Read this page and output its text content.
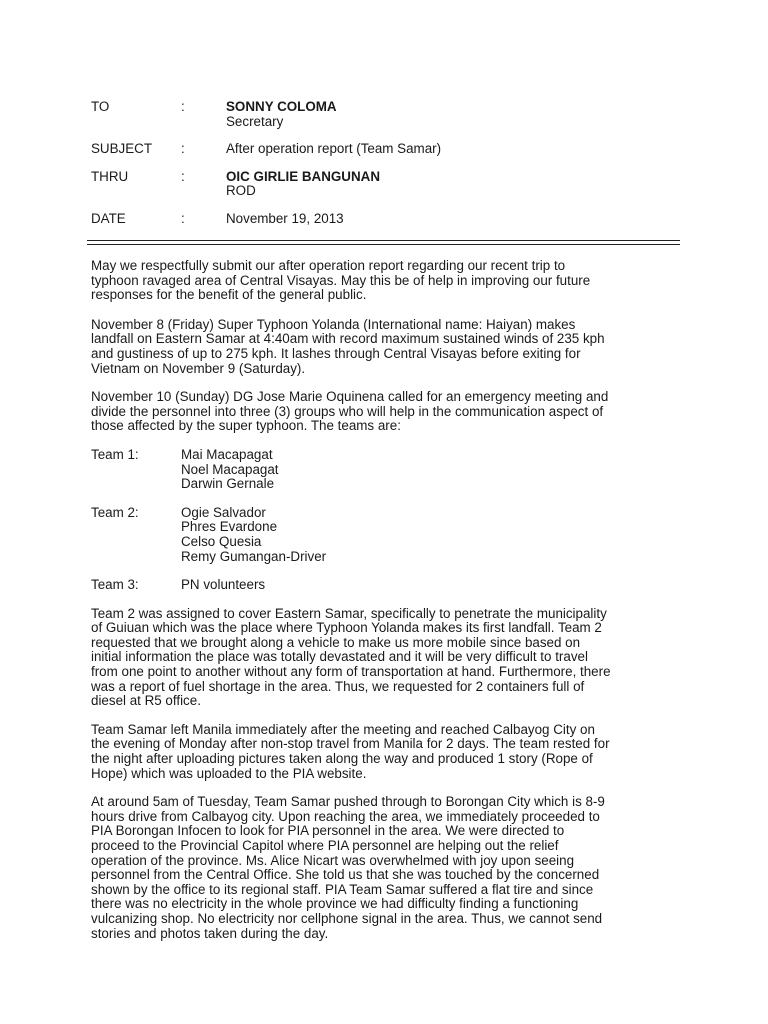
TO	:	SONNY COLOMA
Secretary
SUBJECT	:	After operation report (Team Samar)
THRU	:	OIC GIRLIE BANGUNAN
ROD
DATE	:	November 19, 2013

May we respectfully submit our after operation report regarding our recent trip to
typhoon ravaged area of Central Visayas. May this be of help in improving our future
responses for the benefit of the general public.

November 8 (Friday) Super Typhoon Yolanda (International name: Haiyan) makes
landfall on Eastern Samar at 4:40am with record maximum sustained winds of 235 kph
and gustiness of up to 275 kph. It lashes through Central Visayas before exiting for
Vietnam on November 9 (Saturday).

November 10 (Sunday) DG Jose Marie Oquinena called for an emergency meeting and
divide the personnel into three (3) groups who will help in the communication aspect of
those affected by the super typhoon. The teams are:

Team 1:	Mai Macapagat
Noel Macapagat
Darwin Gernale
Team 2:	Ogie Salvador
Phres Evardone
Celso Quesia
Remy Gumangan-Driver
Team 3:	PN volunteers

Team 2 was assigned to cover Eastern Samar, specifically to penetrate the municipality
of Guiuan which was the place where Typhoon Yolanda makes its first landfall. Team 2
requested that we brought along a vehicle to make us more mobile since based on
initial information the place was totally devastated and it will be very difficult to travel
from one point to another without any form of transportation at hand. Furthermore, there
was a report of fuel shortage in the area. Thus, we requested for 2 containers full of
diesel at R5 office.

Team Samar left Manila immediately after the meeting and reached Calbayog City on
the evening of Monday after non-stop travel from Manila for 2 days. The team rested for
the night after uploading pictures taken along the way and produced 1 story (Rope of
Hope) which was uploaded to the PIA website.

At around 5am of Tuesday, Team Samar pushed through to Borongan City which is 8-9
hours drive from Calbayog city. Upon reaching the area, we immediately proceeded to
PIA Borongan Infocen to look for PIA personnel in the area. We were directed to
proceed to the Provincial Capitol where PIA personnel are helping out the relief
operation of the province. Ms. Alice Nicart was overwhelmed with joy upon seeing
personnel from the Central Office. She told us that she was touched by the concerned
shown by the office to its regional staff. PIA Team Samar suffered a flat tire and since
there was no electricity in the whole province we had difficulty finding a functioning
vulcanizing shop. No electricity nor cellphone signal in the area. Thus, we cannot send
stories and photos taken during the day.
